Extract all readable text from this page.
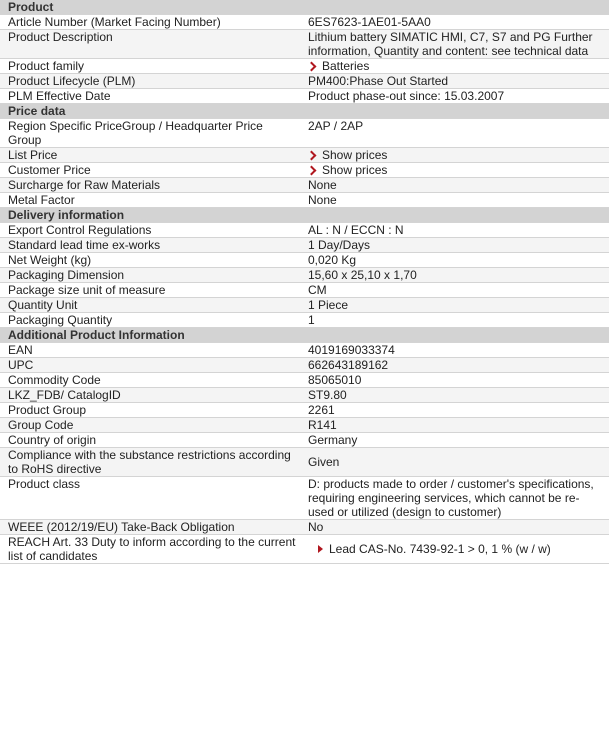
Product	
Article Number (Market Facing Number)	6ES7623-1AE01-5AA0
Product Description	Lithium battery SIMATIC HMI, C7, S7 and PG Further information, Quantity and content: see technical data
Product family	Batteries
Product Lifecycle (PLM)	PM400:Phase Out Started
PLM Effective Date	Product phase-out since: 15.03.2007
Price data	
Region Specific PriceGroup / Headquarter Price Group	2AP / 2AP
List Price	Show prices
Customer Price	Show prices
Surcharge for Raw Materials	None
Metal Factor	None
Delivery information	
Export Control Regulations	AL : N / ECCN : N
Standard lead time ex-works	1 Day/Days
Net Weight (kg)	0,020 Kg
Packaging Dimension	15,60 x 25,10 x 1,70
Package size unit of measure	CM
Quantity Unit	1 Piece
Packaging Quantity	1
Additional Product Information	
EAN	4019169033374
UPC	662643189162
Commodity Code	85065010
LKZ_FDB/ CatalogID	ST9.80
Product Group	2261
Group Code	R141
Country of origin	Germany
Compliance with the substance restrictions according to RoHS directive	Given
Product class	D: products made to order / customer's specifications, requiring engineering services, which cannot be re-used or utilized (design to customer)
WEEE (2012/19/EU) Take-Back Obligation	No
REACH Art. 33 Duty to inform according to the current list of candidates	Lead CAS-No. 7439-92-1 > 0, 1 % (w / w)
